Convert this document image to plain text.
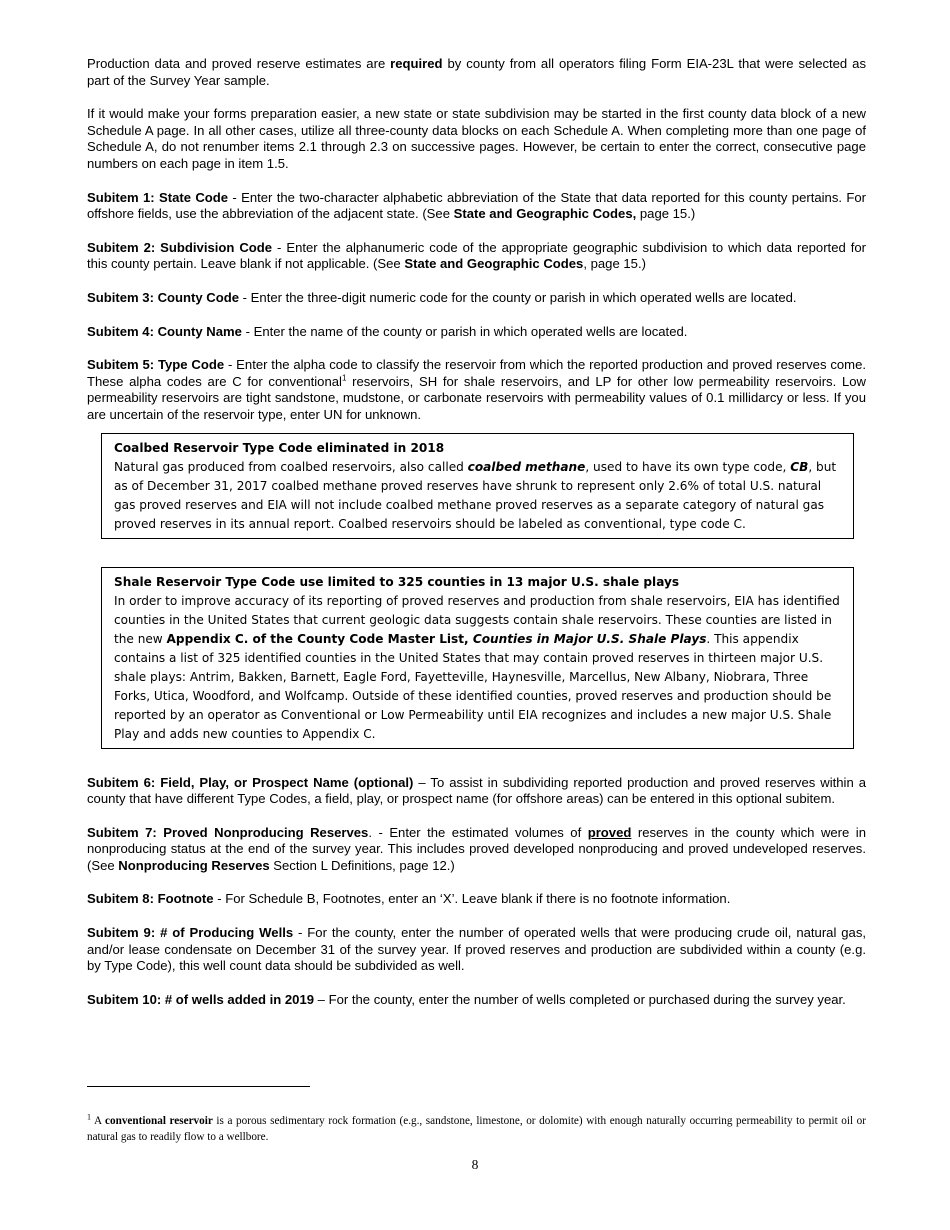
Production data and proved reserve estimates are required by county from all operators filing Form EIA-23L that were selected as part of the Survey Year sample.

If it would make your forms preparation easier, a new state or state subdivision may be started in the first county data block of a new Schedule A page. In all other cases, utilize all three-county data blocks on each Schedule A. When completing more than one page of Schedule A, do not renumber items 2.1 through 2.3 on successive pages. However, be certain to enter the correct, consecutive page numbers on each page in item 1.5.

Subitem 1: State Code - Enter the two-character alphabetic abbreviation of the State that data reported for this county pertains. For offshore fields, use the abbreviation of the adjacent state. (See State and Geographic Codes, page 15.)

Subitem 2: Subdivision Code - Enter the alphanumeric code of the appropriate geographic subdivision to which data reported for this county pertain. Leave blank if not applicable. (See State and Geographic Codes, page 15.)

Subitem 3: County Code - Enter the three-digit numeric code for the county or parish in which operated wells are located.

Subitem 4: County Name - Enter the name of the county or parish in which operated wells are located.

Subitem 5: Type Code - Enter the alpha code to classify the reservoir from which the reported production and proved reserves come. These alpha codes are C for conventional$^1$ reservoirs, SH for shale reservoirs, and LP for other low permeability reservoirs. Low permeability reservoirs are tight sandstone, mudstone, or carbonate reservoirs with permeability values of 0.1 millidarcy or less. If you are uncertain of the reservoir type, enter UN for unknown.

Coalbed Reservoir Type Code eliminated in 2018

Natural gas produced from coalbed reservoirs, also called coalbed methane, used to have its own type code, CB, but as of December 31, 2017 coalbed methane proved reserves have shrunk to represent only 2.6% of total U.S. natural gas proved reserves and EIA will not include coalbed methane proved reserves as a separate category of natural gas proved reserves in its annual report. Coalbed reservoirs should be labeled as conventional, type code C.

Shale Reservoir Type Code use limited to 325 counties in 13 major U.S. shale plays

In order to improve accuracy of its reporting of proved reserves and production from shale reservoirs, EIA has identified counties in the United States that current geologic data suggests contain shale reservoirs. These counties are listed in the new Appendix C. of the County Code Master List, Counties in Major U.S. Shale Plays. This appendix contains a list of 325 identified counties in the United States that may contain proved reserves in thirteen major U.S. shale plays: Antrim, Bakken, Barnett, Eagle Ford, Fayetteville, Haynesville, Marcellus, New Albany, Niobrara, Three Forks, Utica, Woodford, and Wolfcamp. Outside of these identified counties, proved reserves and production should be reported by an operator as Conventional or Low Permeability until EIA recognizes and includes a new major U.S. Shale Play and adds new counties to Appendix C.

Subitem 6: Field, Play, or Prospect Name (optional) – To assist in subdividing reported production and proved reserves within a county that have different Type Codes, a field, play, or prospect name (for offshore areas) can be entered in this optional subitem.

Subitem 7: Proved Nonproducing Reserves. - Enter the estimated volumes of proved reserves in the county which were in nonproducing status at the end of the survey year. This includes proved developed nonproducing and proved undeveloped reserves. (See Nonproducing Reserves Section L Definitions, page 12.)

Subitem 8: Footnote - For Schedule B, Footnotes, enter an ‘X’. Leave blank if there is no footnote information.

Subitem 9: # of Producing Wells - For the county, enter the number of operated wells that were producing crude oil, natural gas, and/or lease condensate on December 31 of the survey year. If proved reserves and production are subdivided within a county (e.g. by Type Code), this well count data should be subdivided as well.

Subitem 10: # of wells added in 2019 – For the county, enter the number of wells completed or purchased during the survey year.

$^1$ A conventional reservoir is a porous sedimentary rock formation (e.g., sandstone, limestone, or dolomite) with enough naturally occurring permeability to permit oil or natural gas to readily flow to a wellbore.
8
